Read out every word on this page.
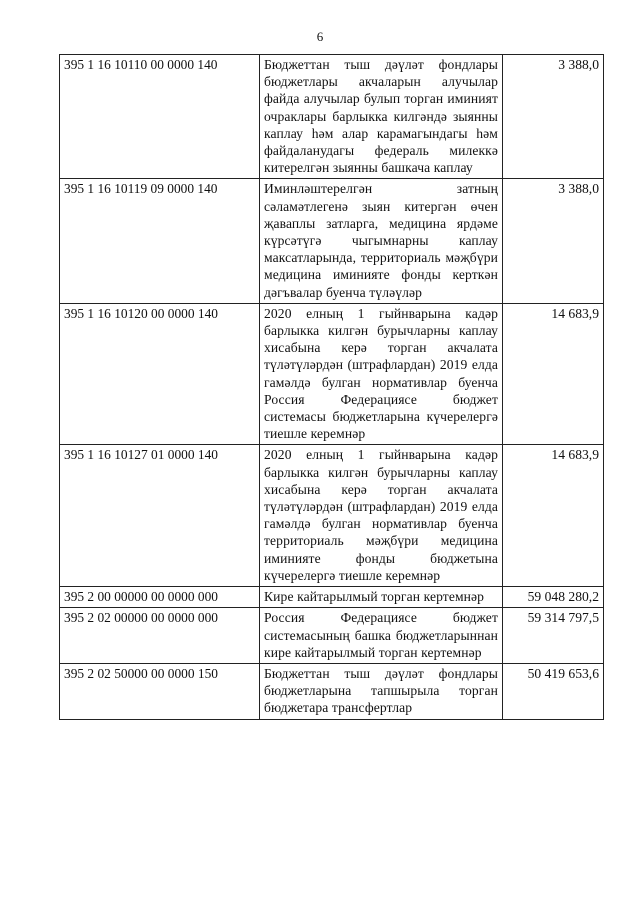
6
395 1 16 10110 00 0000 140	Бюджеттан тыш дәүләт фондлары бюджетлары акчаларын алучылар файда алучылар булып торган иминият очраклары барлыкка килгәндә зыянны каплау һәм алар карамагындагы һәм файдаланудагы федераль милеккә китерелгән зыянны башкача каплау	3 388,0
395 1 16 10119 09 0000 140	Иминләштерелгән затның сәламәтлегенә зыян китергән өчен җаваплы затларга, медицина ярдәме күрсәтүгә чыгымнарны каплау максатларында, территориаль мәҗбүри медицина иминияте фонды керткән дәгъвалар буенча түләүләр	3 388,0
395 1 16 10120 00 0000 140	2020 елның 1 гыйнварына кадәр барлыкка килгән бурычларны каплау хисабына керә торган акчалата түләтүләрдән (штрафлардан) 2019 елда гамәлдә булган нормативлар буенча Россия Федерациясе бюджет системасы бюджетларына күчерелергә тиешле керемнәр	14 683,9
395 1 16 10127 01 0000 140	2020 елның 1 гыйнварына кадәр барлыкка килгән бурычларны каплау хисабына керә торган акчалата түләтүләрдән (штрафлардан) 2019 елда гамәлдә булган нормативлар буенча территориаль мәҗбүри медицина иминияте фонды бюджетына күчерелергә тиешле керемнәр	14 683,9
395 2 00 00000 00 0000 000	Кире кайтарылмый торган кертемнәр	59 048 280,2
395 2 02 00000 00 0000 000	Россия Федерациясе бюджет системасының башка бюджетларыннан кире кайтарылмый торган кертемнәр	59 314 797,5
395 2 02 50000 00 0000 150	Бюджеттан тыш дәүләт фондлары бюджетларына тапшырыла торган бюджетара трансфертлар	50 419 653,6
